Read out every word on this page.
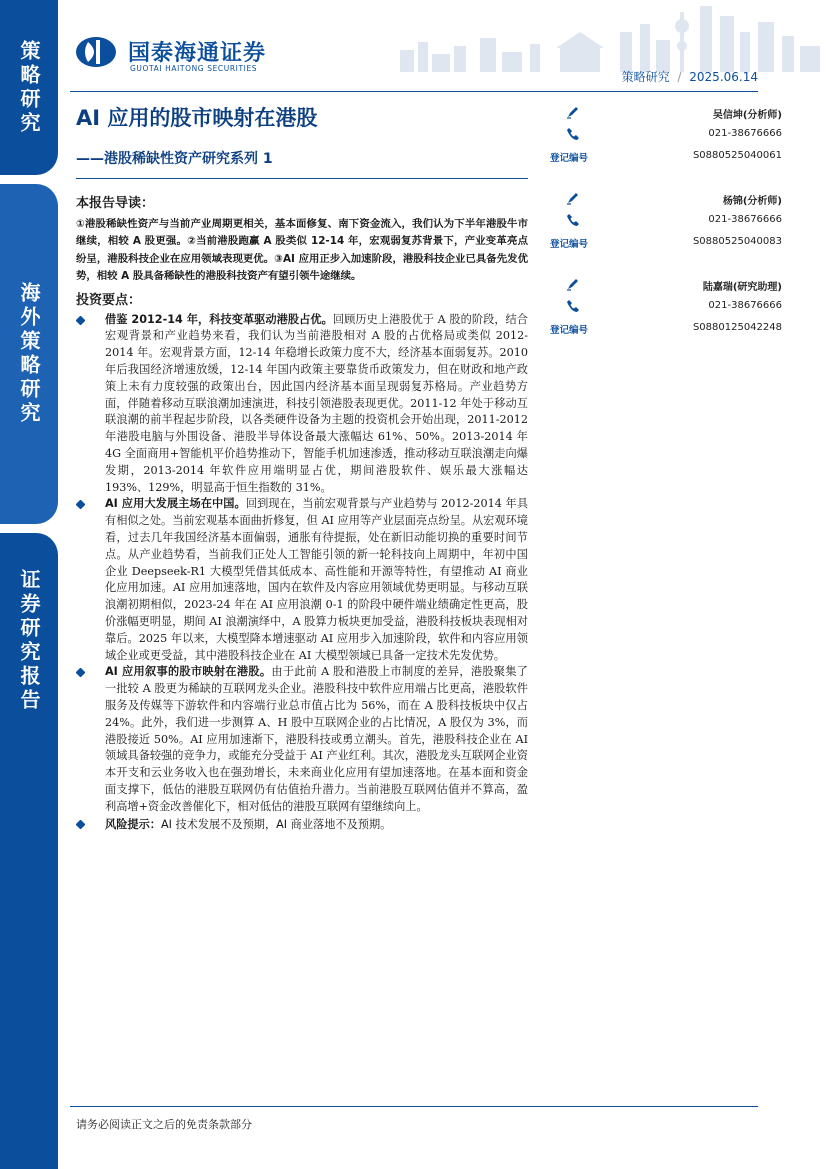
策略研究
海外策略研究
证券研究报告
国泰海通证券
GUOTAI HAITONG SECURITIES
策略研究 / 2025.06.14
AI 应用的股市映射在港股
——港股稀缺性资产研究系列 1
吴信坤(分析师)
021-38676666
登记编号	S0880525040061
杨锦(分析师)
021-38676666
登记编号	S0880525040083
陆嘉瑞(研究助理)
021-38676666
登记编号	S0880125042248
本报告导读：
①港股稀缺性资产与当前产业周期更相关，基本面修复、南下资金流入，我们认为下半年港股牛市继续，相较 A 股更强。②当前港股跑赢 A 股类似 12-14 年，宏观弱复苏背景下，产业变革亮点纷呈，港股科技企业在应用领域表现更优。③AI 应用正步入加速阶段，港股科技企业已具备先发优势，相较 A 股具备稀缺性的港股科技资产有望引领牛途继续。
投资要点：
借鉴 2012-14 年，科技变革驱动港股占优。回顾历史上港股优于 A 股的阶段，结合宏观背景和产业趋势来看，我们认为当前港股相对 A 股的占优格局或类似 2012-2014 年。宏观背景方面，12-14 年稳增长政策力度不大，经济基本面弱复苏。2010 年后我国经济增速放缓，12-14 年国内政策主要靠货币政策发力，但在财政和地产政策上未有力度较强的政策出台，因此国内经济基本面呈现弱复苏格局。产业趋势方面，伴随着移动互联浪潮加速演进，科技引领港股表现更优。2011-12 年处于移动互联浪潮的前半程起步阶段，以各类硬件设备为主题的投资机会开始出现，2011-2012 年港股电脑与外围设备、港股半导体设备最大涨幅达 61%、50%。2013-2014 年 4G 全面商用+智能机平价趋势推动下，智能手机加速渗透，推动移动互联浪潮走向爆发期，2013-2014 年软件应用端明显占优，期间港股软件、娱乐最大涨幅达 193%、129%，明显高于恒生指数的 31%。
AI 应用大发展主场在中国。回到现在，当前宏观背景与产业趋势与 2012-2014 年具有相似之处。当前宏观基本面曲折修复，但 AI 应用等产业层面亮点纷呈。从宏观环境看，过去几年我国经济基本面偏弱，通胀有待提振，处在新旧动能切换的重要时间节点。从产业趋势看，当前我们正处人工智能引领的新一轮科技向上周期中，年初中国企业 Deepseek-R1 大模型凭借其低成本、高性能和开源等特性，有望推动 AI 商业化应用加速。AI 应用加速落地，国内在软件及内容应用领域优势更明显。与移动互联浪潮初期相似，2023-24 年在 AI 应用浪潮 0-1 的阶段中硬件端业绩确定性更高，股价涨幅更明显，期间 AI 浪潮演绎中，A 股算力板块更加受益，港股科技板块表现相对靠后。2025 年以来，大模型降本增速驱动 AI 应用步入加速阶段，软件和内容应用领域企业或更受益，其中港股科技企业在 AI 大模型领域已具备一定技术先发优势。
AI 应用叙事的股市映射在港股。由于此前 A 股和港股上市制度的差异，港股聚集了一批较 A 股更为稀缺的互联网龙头企业。港股科技中软件应用端占比更高，港股软件服务及传媒等下游软件和内容端行业总市值占比为 56%，而在 A 股科技板块中仅占 24%。此外，我们进一步测算 A、H 股中互联网企业的占比情况，A 股仅为 3%，而港股接近 50%。AI 应用加速渐下，港股科技或勇立潮头。首先，港股科技企业在 AI 领域具备较强的竞争力，或能充分受益于 AI 产业红利。其次，港股龙头互联网企业资本开支和云业务收入也在强劲增长，未来商业化应用有望加速落地。在基本面和资金面支撑下，低估的港股互联网仍有估值抬升潜力。当前港股互联网估值并不算高，盈利高增+资金改善催化下，相对低估的港股互联网有望继续向上。
风险提示：AI 技术发展不及预期，AI 商业落地不及预期。
请务必阅读正文之后的免责条款部分
